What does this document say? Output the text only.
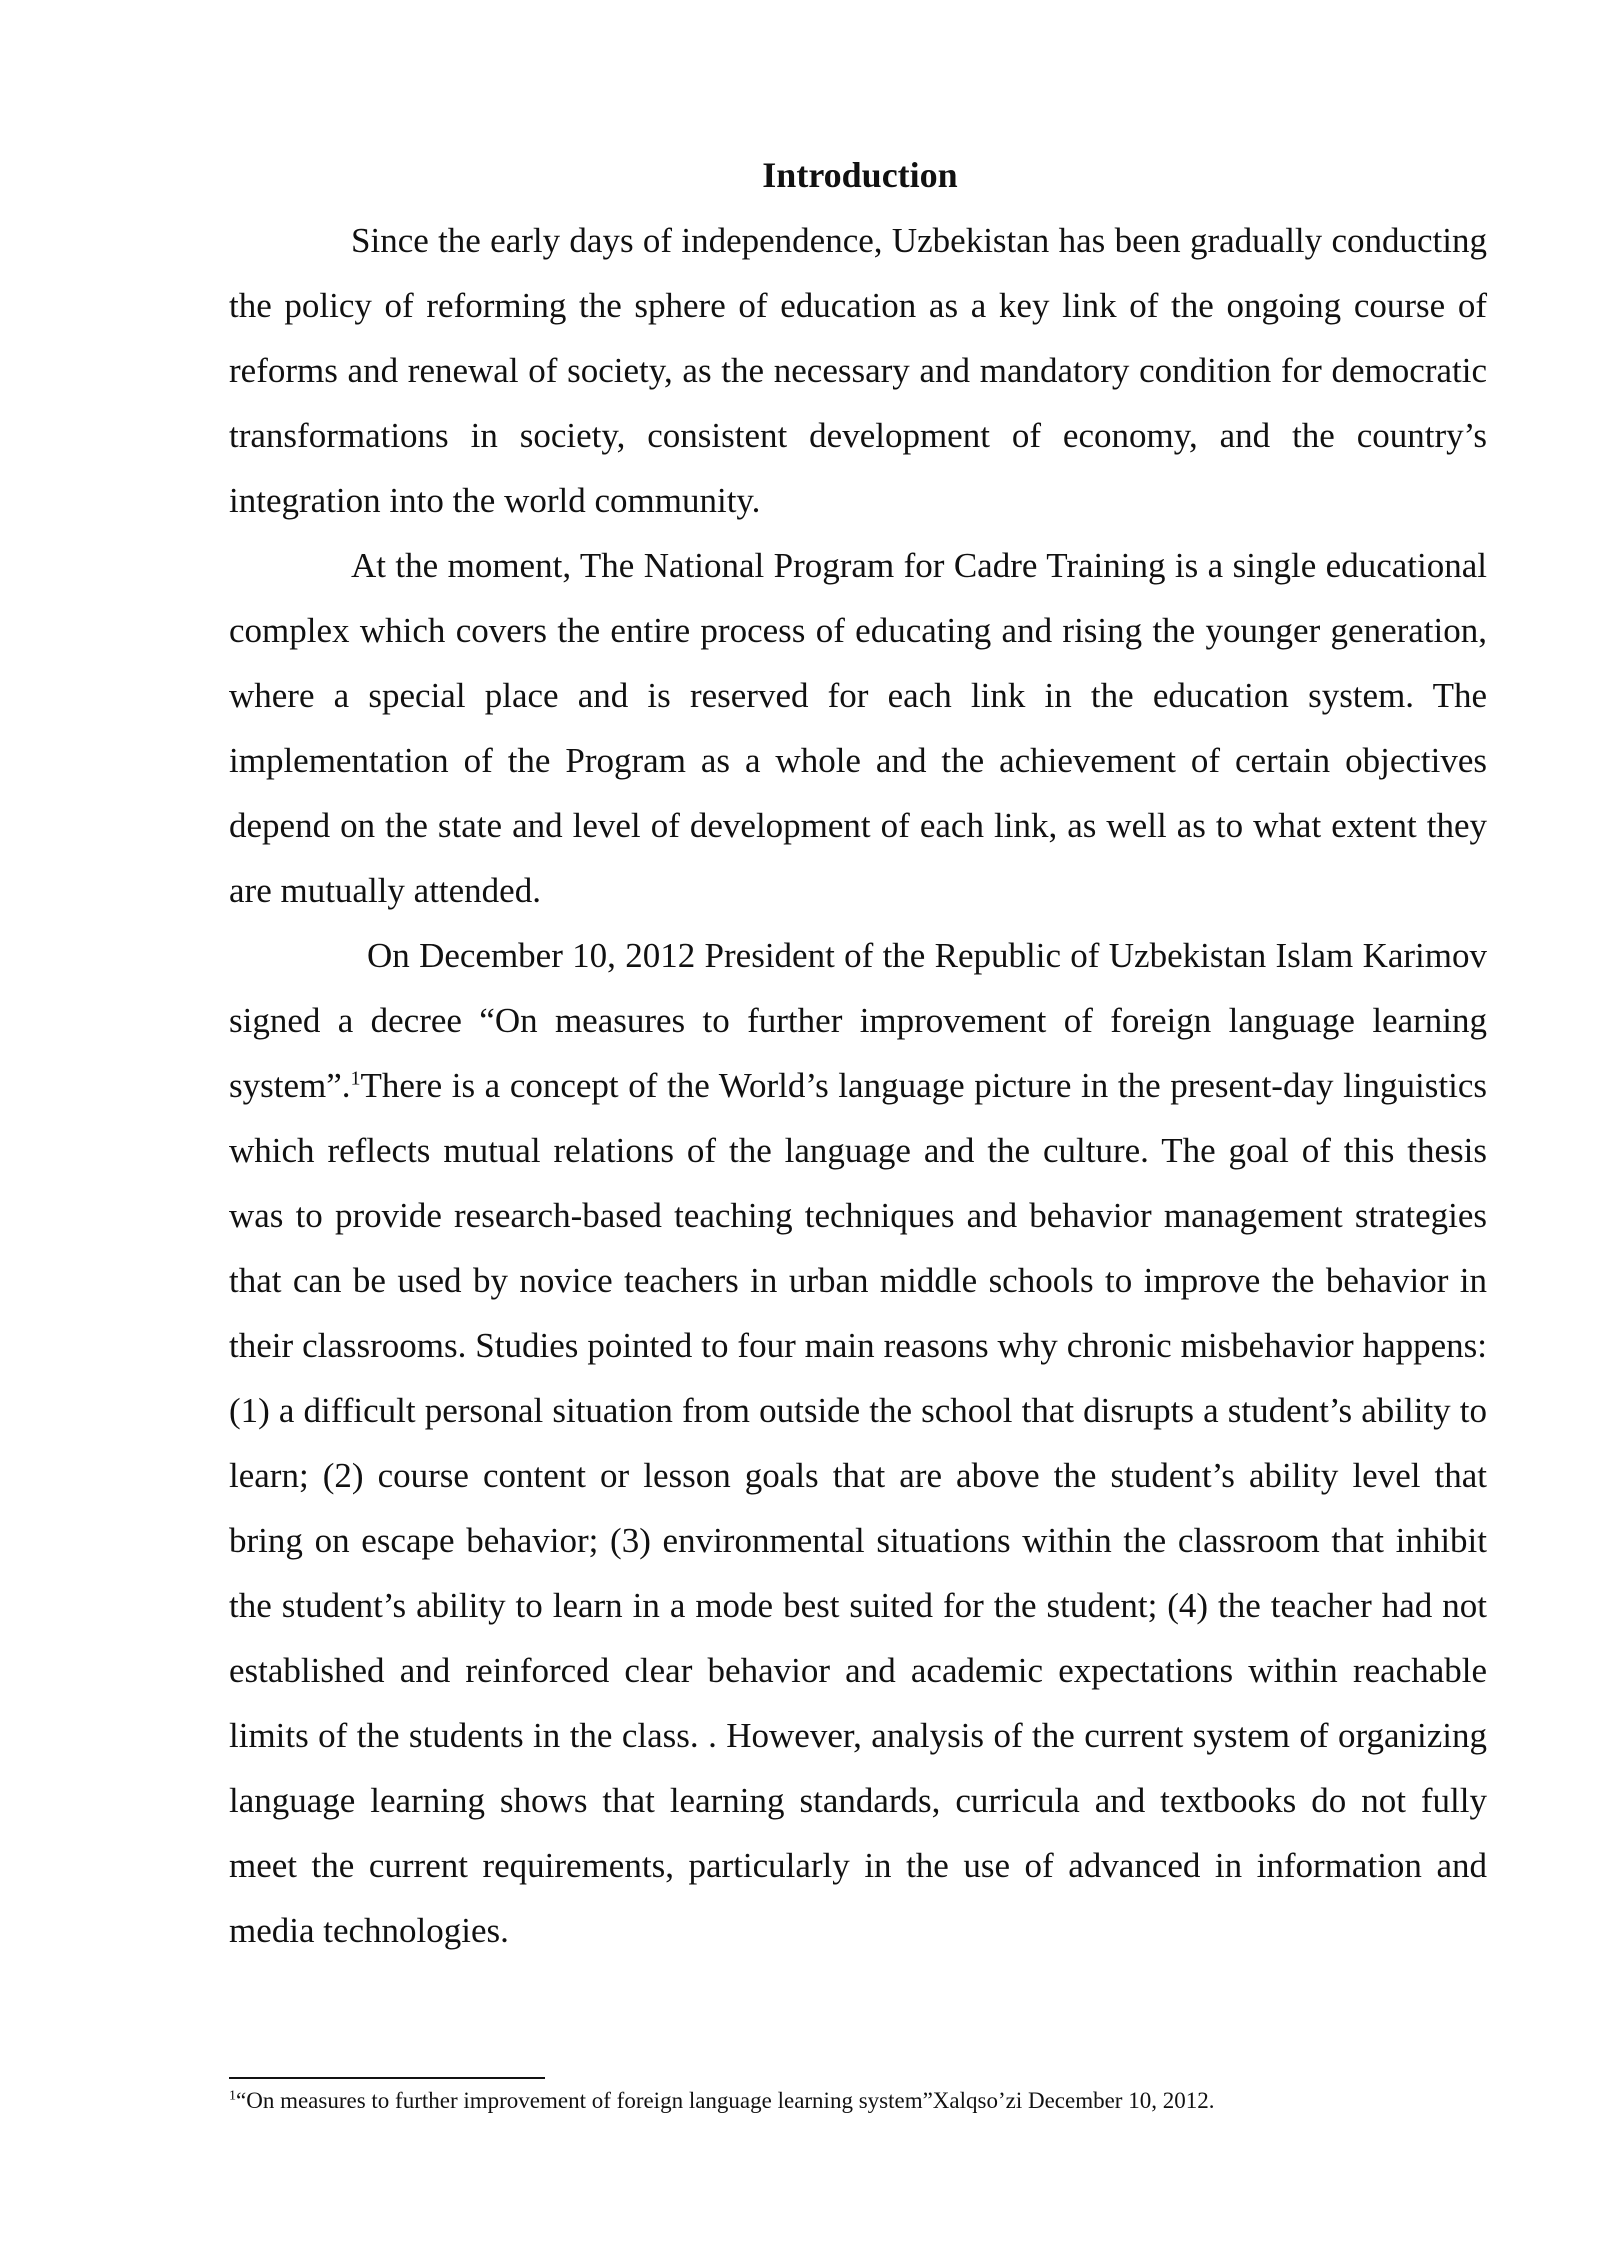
Introduction

Since the early days of independence, Uzbekistan has been gradually conducting the policy of reforming the sphere of education as a key link of the ongoing course of reforms and renewal of society, as the necessary and mandatory condition for democratic transformations in society, consistent development of economy, and the country’s integration into the world community.

At the moment, The National Program for Cadre Training is a single educational complex which covers the entire process of educating and rising the younger generation, where a special place and is reserved for each link in the education system. The implementation of the Program as a whole and the achievement of certain objectives depend on the state and level of development of each link, as well as to what extent they are mutually attended.

On December 10, 2012 President of the Republic of Uzbekistan Islam Karimov signed a decree “On measures to further improvement of foreign language learning system”.$^1$There is a concept of the World’s language picture in the present-day linguistics which reflects mutual relations of the language and the culture. The goal of this thesis was to provide research-based teaching techniques and behavior management strategies that can be used by novice teachers in urban middle schools to improve the behavior in their classrooms. Studies pointed to four main reasons why chronic misbehavior happens: (1) a difficult personal situation from outside the school that disrupts a student’s ability to learn; (2) course content or lesson goals that are above the student’s ability level that bring on escape behavior; (3) environmental situations within the classroom that inhibit the student’s ability to learn in a mode best suited for the student; (4) the teacher had not established and reinforced clear behavior and academic expectations within reachable limits of the students in the class. . However, analysis of the current system of organizing language learning shows that learning standards, curricula and textbooks do not fully meet the current requirements, particularly in the use of advanced in information and media technologies.

$^1$“On measures to further improvement of foreign language learning system”Xalqso’zi December 10, 2012.
